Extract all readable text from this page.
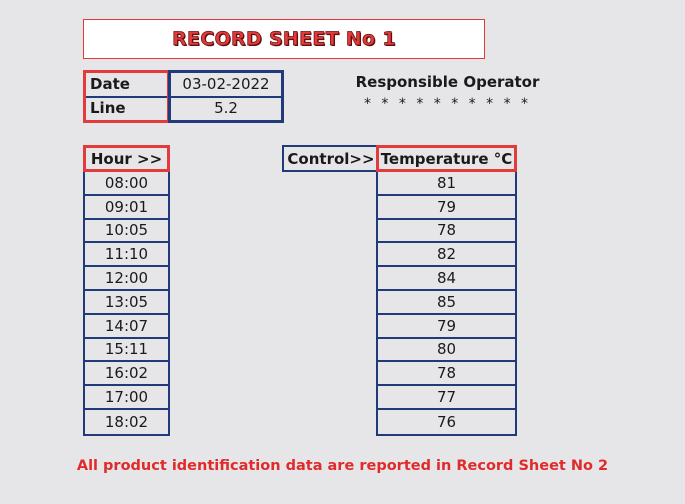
RECORD SHEET No 1
Date
Line
03-02-2022
5.2
Responsible Operator
* * * * * * * * * *
Hour >>	Control>> Temperature °C
08:00
09:01
10:05
11:10
12:00
13:05
14:07
15:11
16:02
17:00
18:02
81
79
78
82
84
85
79
80
78
77
76
All product identification data are reported in Record Sheet No 2
